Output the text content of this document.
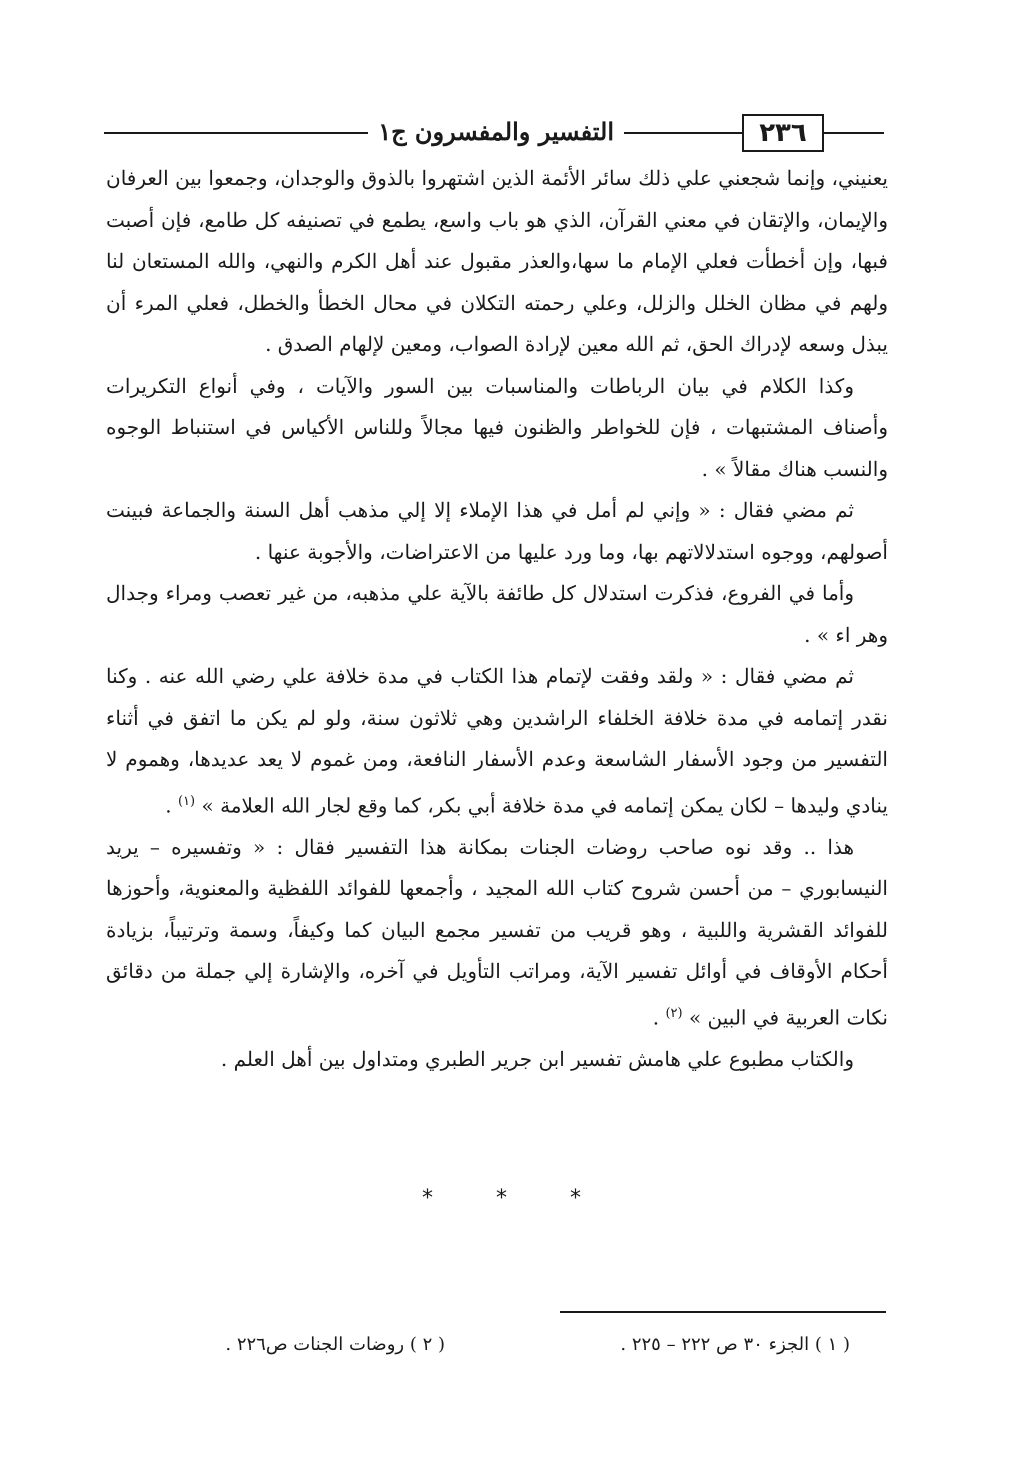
٢٣٦
التفسير والمفسرون ج١

يعنيني، وإنما شجعني علي ذلك سائر الأئمة الذين اشتهروا بالذوق والوجدان، وجمعوا بين العرفان والإيمان، والإتقان في معني القرآن، الذي هو باب واسع، يطمع في تصنيفه كل طامع، فإن أصبت فبها، وإن أخطأت فعلي الإمام ما سها،والعذر مقبول عند أهل الكرم والنهي، والله المستعان لنا ولهم في مظان الخلل والزلل، وعلي رحمته التكلان في محال الخطأ والخطل، فعلي المرء أن يبذل وسعه لإدراك الحق، ثم الله معين لإرادة الصواب، ومعين لإلهام الصدق .

وكذا الكلام في بيان الرباطات والمناسبات بين السور والآيات ، وفي أنواع التكريرات وأصناف المشتبهات ، فإن للخواطر والظنون فيها مجالاً وللناس الأكياس في استنباط الوجوه والنسب هناك مقالاً » .

ثم مضي فقال : « وإني لم أمل في هذا الإملاء إلا إلي مذهب أهل السنة والجماعة فبينت أصولهم، ووجوه استدلالاتهم بها، وما ورد عليها من الاعتراضات، والأجوبة عنها .

وأما في الفروع، فذكرت استدلال كل طائفة بالآية علي مذهبه، من غير تعصب ومراء وجدال وهر اء » .

ثم مضي فقال : « ولقد وفقت لإتمام هذا الكتاب في مدة خلافة علي رضي الله عنه . وكنا نقدر إتمامه في مدة خلافة الخلفاء الراشدين وهي ثلاثون سنة، ولو لم يكن ما اتفق في أثناء التفسير من وجود الأسفار الشاسعة وعدم الأسفار النافعة، ومن غموم لا يعد عديدها، وهموم لا ينادي وليدها – لكان يمكن إتمامه في مدة خلافة أبي بكر، كما وقع لجار الله العلامة » $^{(١)}$ .

هذا .. وقد نوه صاحب روضات الجنات بمكانة هذا التفسير فقال : « وتفسيره – يريد النيسابوري – من أحسن شروح كتاب الله المجيد ، وأجمعها للفوائد اللفظية والمعنوية، وأحوزها للفوائد القشرية واللبية ، وهو قريب من تفسير مجمع البيان كما وكيفاً، وسمة وترتيباً، بزيادة أحكام الأوقاف في أوائل تفسير الآية، ومراتب التأويل في آخره، والإشارة إلي جملة من دقائق نكات العربية في البين » $^{(٢)}$ .

والكتاب مطبوع علي هامش تفسير ابن جرير الطبري ومتداول بين أهل العلم .

* * *
( ١ ) الجزء ٣٠ ص ٢٢٢ – ٢٢٥ .
( ٢ ) روضات الجنات ص٢٢٦ .
